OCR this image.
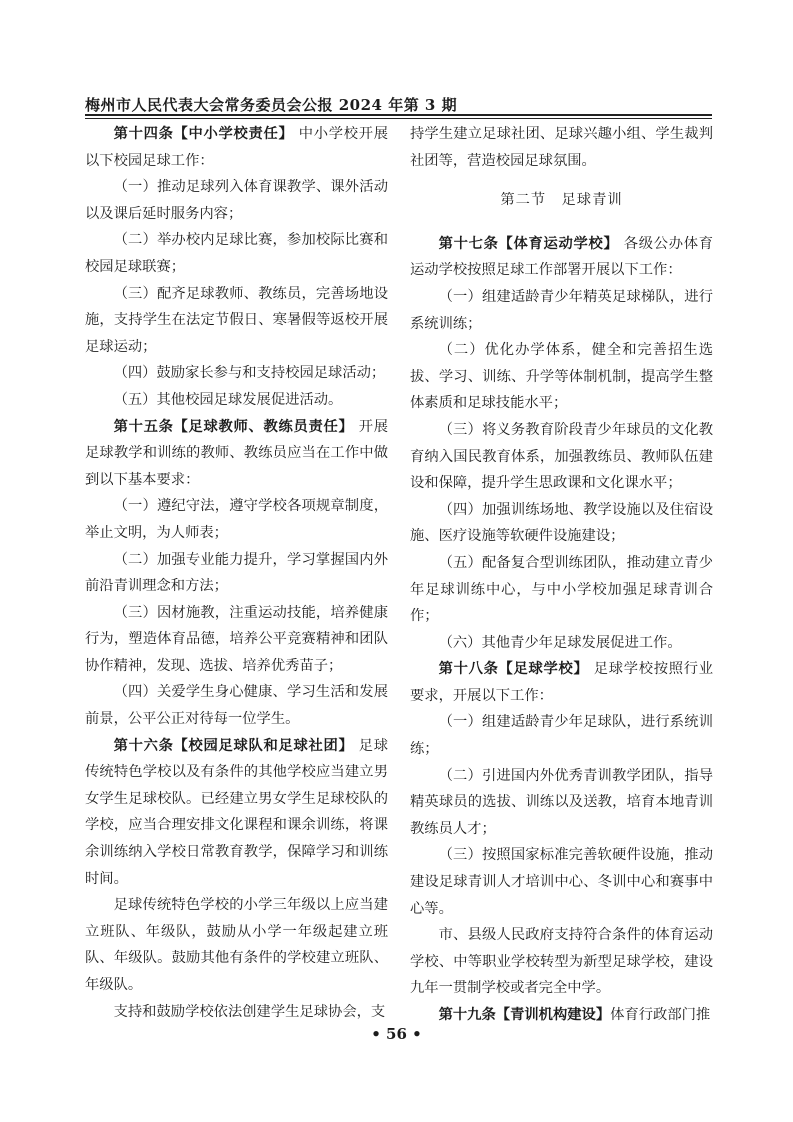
梅州市人民代表大会常务委员会公报 2024 年第 3 期

第十四条【中小学校责任】 中小学校开展以下校园足球工作：

（一）推动足球列入体育课教学、课外活动以及课后延时服务内容；

（二）举办校内足球比赛，参加校际比赛和校园足球联赛；

（三）配齐足球教师、教练员，完善场地设施，支持学生在法定节假日、寒暑假等返校开展足球运动；

（四）鼓励家长参与和支持校园足球活动；

（五）其他校园足球发展促进活动。

第十五条【足球教师、教练员责任】 开展足球教学和训练的教师、教练员应当在工作中做到以下基本要求：

（一）遵纪守法，遵守学校各项规章制度，举止文明，为人师表；

（二）加强专业能力提升，学习掌握国内外前沿青训理念和方法；

（三）因材施教，注重运动技能，培养健康行为，塑造体育品德，培养公平竞赛精神和团队协作精神，发现、选拔、培养优秀苗子；

（四）关爱学生身心健康、学习生活和发展前景，公平公正对待每一位学生。

第十六条【校园足球队和足球社团】 足球传统特色学校以及有条件的其他学校应当建立男女学生足球校队。已经建立男女学生足球校队的学校，应当合理安排文化课程和课余训练，将课余训练纳入学校日常教育教学，保障学习和训练时间。

足球传统特色学校的小学三年级以上应当建立班队、年级队，鼓励从小学一年级起建立班队、年级队。鼓励其他有条件的学校建立班队、年级队。

支持和鼓励学校依法创建学生足球协会，支

持学生建立足球社团、足球兴趣小组、学生裁判社团等，营造校园足球氛围。

第二节　足球青训

第十七条【体育运动学校】 各级公办体育运动学校按照足球工作部署开展以下工作：

（一）组建适龄青少年精英足球梯队，进行系统训练；

（二）优化办学体系，健全和完善招生选拔、学习、训练、升学等体制机制，提高学生整体素质和足球技能水平；

（三）将义务教育阶段青少年球员的文化教育纳入国民教育体系，加强教练员、教师队伍建设和保障，提升学生思政课和文化课水平；

（四）加强训练场地、教学设施以及住宿设施、医疗设施等软硬件设施建设；

（五）配备复合型训练团队，推动建立青少年足球训练中心，与中小学校加强足球青训合作；

（六）其他青少年足球发展促进工作。

第十八条【足球学校】 足球学校按照行业要求，开展以下工作：

（一）组建适龄青少年足球队，进行系统训练；

（二）引进国内外优秀青训教学团队，指导精英球员的选拔、训练以及送教，培育本地青训教练员人才；

（三）按照国家标准完善软硬件设施，推动建设足球青训人才培训中心、冬训中心和赛事中心等。

市、县级人民政府支持符合条件的体育运动学校、中等职业学校转型为新型足球学校，建设九年一贯制学校或者完全中学。

第十九条【青训机构建设】体育行政部门推

• 56 •
